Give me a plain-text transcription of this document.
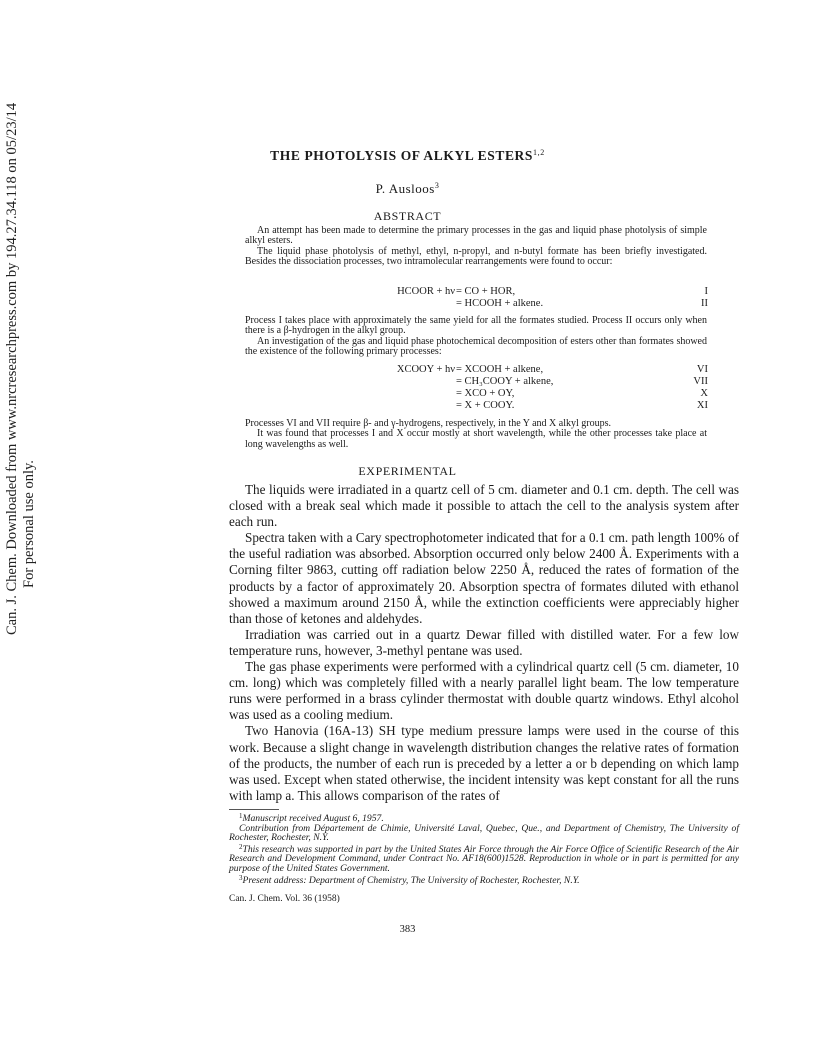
Can. J. Chem. Downloaded from www.nrcresearchpress.com by 194.27.34.118 on 05/23/14 For personal use only.
THE PHOTOLYSIS OF ALKYL ESTERS$^{1,2}$
P. Ausloos$^3$
ABSTRACT

An attempt has been made to determine the primary processes in the gas and liquid phase photolysis of simple alkyl esters.

The liquid phase photolysis of methyl, ethyl, n-propyl, and n-butyl formate has been briefly investigated. Besides the dissociation processes, two intramolecular rearrangements were found to occur:

HCOOR + hν = CO + HOR,	I
= HCOOH + alkene.	II

Process I takes place with approximately the same yield for all the formates studied. Process II occurs only when there is a β-hydrogen in the alkyl group.

An investigation of the gas and liquid phase photochemical decomposition of esters other than formates showed the existence of the following primary processes:

XCOOY + hν = XCOOH + alkene,	VI
= CH₃COOY + alkene,	VII
= XCO + OY,	X
= X + COOY.	XI

Processes VI and VII require β- and γ-hydrogens, respectively, in the Y and X alkyl groups.

It was found that processes I and X occur mostly at short wavelength, while the other processes take place at long wavelengths as well.

EXPERIMENTAL

The liquids were irradiated in a quartz cell of 5 cm. diameter and 0.1 cm. depth. The cell was closed with a break seal which made it possible to attach the cell to the analysis system after each run.

Spectra taken with a Cary spectrophotometer indicated that for a 0.1 cm. path length 100% of the useful radiation was absorbed. Absorption occurred only below 2400 Å. Experiments with a Corning filter 9863, cutting off radiation below 2250 Å, reduced the rates of formation of the products by a factor of approximately 20. Absorption spectra of formates diluted with ethanol showed a maximum around 2150 Å, while the extinction coefficients were appreciably higher than those of ketones and aldehydes.

Irradiation was carried out in a quartz Dewar filled with distilled water. For a few low temperature runs, however, 3-methyl pentane was used.

The gas phase experiments were performed with a cylindrical quartz cell (5 cm. diameter, 10 cm. long) which was completely filled with a nearly parallel light beam. The low temperature runs were performed in a brass cylinder thermostat with double quartz windows. Ethyl alcohol was used as a cooling medium.

Two Hanovia (16A-13) SH type medium pressure lamps were used in the course of this work. Because a slight change in wavelength distribution changes the relative rates of formation of the products, the number of each run is preceded by a letter a or b depending on which lamp was used. Except when stated otherwise, the incident intensity was kept constant for all the runs with lamp a. This allows comparison of the rates of

$^1$Manuscript received August 6, 1957.

Contribution from Département de Chimie, Université Laval, Quebec, Que., and Department of Chemistry, The University of Rochester, Rochester, N.Y.

$^2$This research was supported in part by the United States Air Force through the Air Force Office of Scientific Research of the Air Research and Development Command, under Contract No. AF18(600)1528. Reproduction in whole or in part is permitted for any purpose of the United States Government.

$^3$Present address: Department of Chemistry, The University of Rochester, Rochester, N.Y.

Can. J. Chem. Vol. 36 (1958)
383
